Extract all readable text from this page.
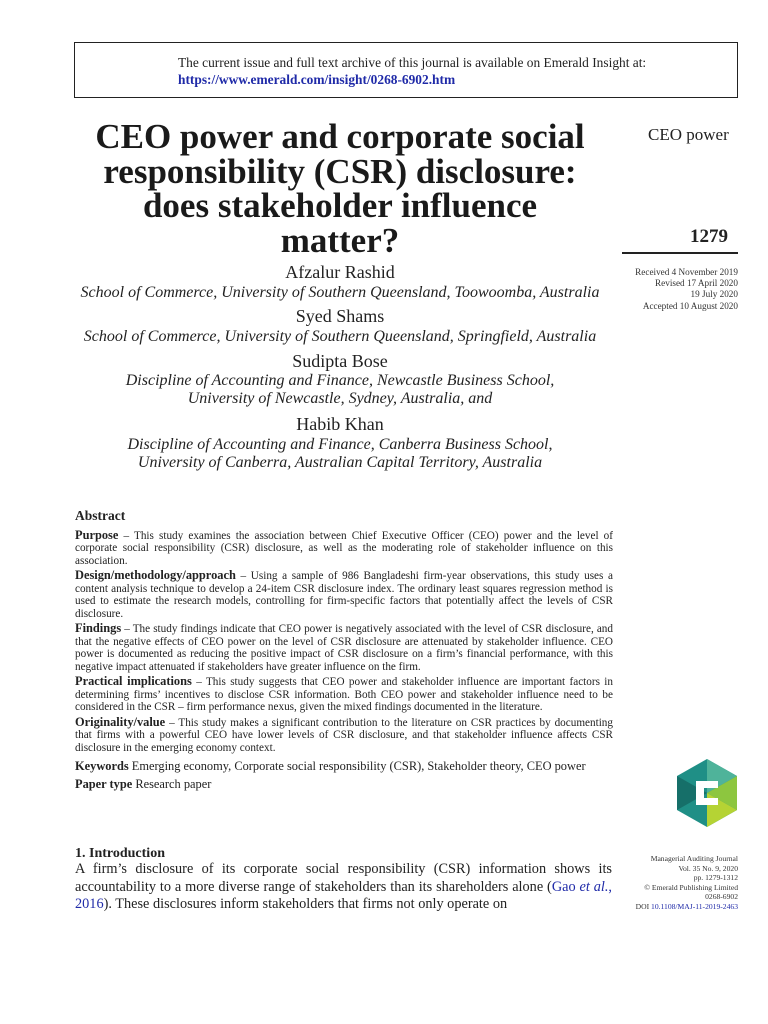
The current issue and full text archive of this journal is available on Emerald Insight at:
https://www.emerald.com/insight/0268-6902.htm
CEO power and corporate social responsibility (CSR) disclosure: does stakeholder influence matter?
CEO power
1279
Received 4 November 2019
Revised 17 April 2020
19 July 2020
Accepted 10 August 2020
Afzalur Rashid
School of Commerce, University of Southern Queensland, Toowoomba, Australia
Syed Shams
School of Commerce, University of Southern Queensland, Springfield, Australia
Sudipta Bose
Discipline of Accounting and Finance, Newcastle Business School,
University of Newcastle, Sydney, Australia, and
Habib Khan
Discipline of Accounting and Finance, Canberra Business School,
University of Canberra, Australian Capital Territory, Australia
Abstract

Purpose – This study examines the association between Chief Executive Officer (CEO) power and the level of corporate social responsibility (CSR) disclosure, as well as the moderating role of stakeholder influence on this association.

Design/methodology/approach – Using a sample of 986 Bangladeshi firm-year observations, this study uses a content analysis technique to develop a 24-item CSR disclosure index. The ordinary least squares regression method is used to estimate the research models, controlling for firm-specific factors that potentially affect the levels of CSR disclosure.

Findings – The study findings indicate that CEO power is negatively associated with the level of CSR disclosure, and that the negative effects of CEO power on the level of CSR disclosure are attenuated by stakeholder influence. CEO power is documented as reducing the positive impact of CSR disclosure on a firm’s financial performance, with this negative impact attenuated if stakeholders have greater influence on the firm.

Practical implications – This study suggests that CEO power and stakeholder influence are important factors in determining firms’ incentives to disclose CSR information. Both CEO power and stakeholder influence need to be considered in the CSR – firm performance nexus, given the mixed findings documented in the literature.

Originality/value – This study makes a significant contribution to the literature on CSR practices by documenting that firms with a powerful CEO have lower levels of CSR disclosure, and that stakeholder influence affects CSR disclosure in the emerging economy context.

Keywords Emerging economy, Corporate social responsibility (CSR), Stakeholder theory, CEO power

Paper type Research paper

1. Introduction
A firm’s disclosure of its corporate social responsibility (CSR) information shows its accountability to a more diverse range of stakeholders than its shareholders alone (Gao et al., 2016). These disclosures inform stakeholders that firms not only operate on
Managerial Auditing Journal
Vol. 35 No. 9, 2020
pp. 1279-1312
© Emerald Publishing Limited
0268-6902
DOI 10.1108/MAJ-11-2019-2463
